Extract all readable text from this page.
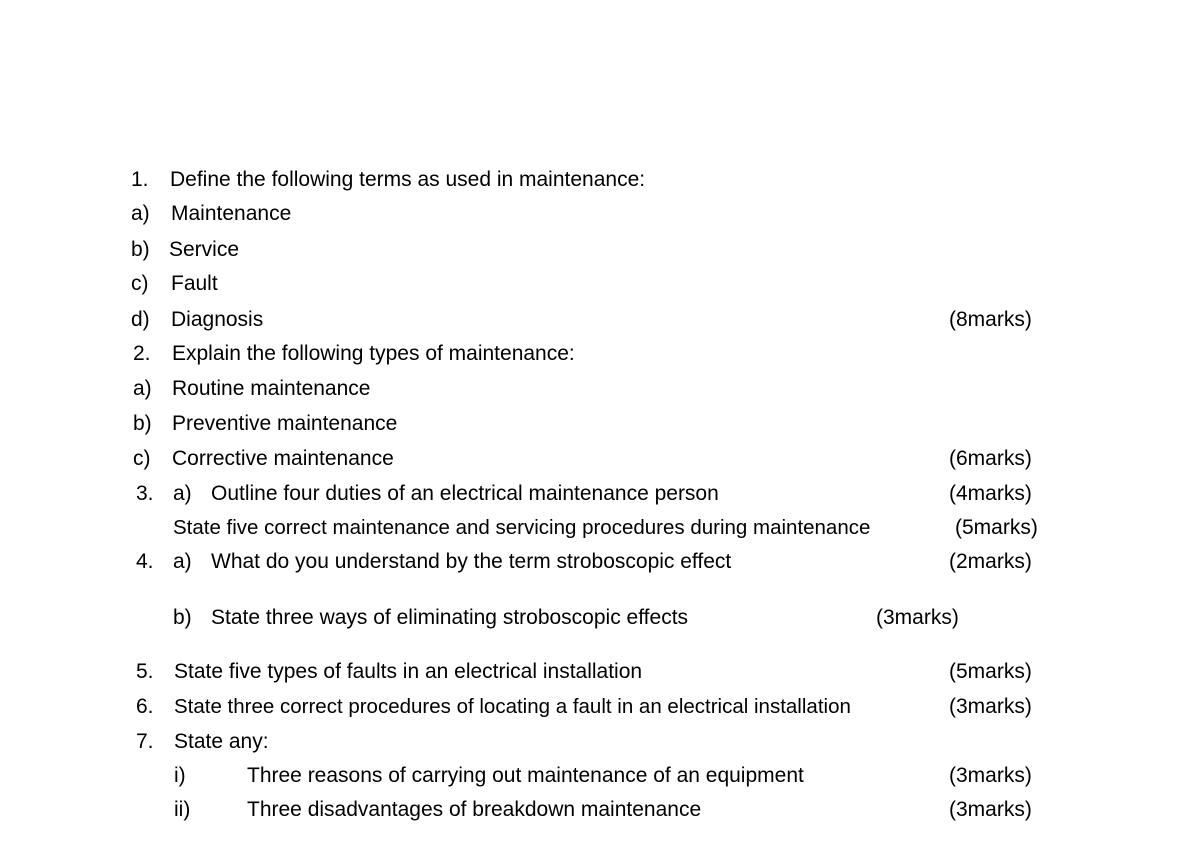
1. Define the following terms as used in maintenance:
a) Maintenance
b) Service
c) Fault
d) Diagnosis	(8marks)
2. Explain the following types of maintenance:
a) Routine maintenance
b) Preventive maintenance
c) Corrective maintenance	(6marks)
3. a) Outline four duties of an electrical maintenance person	(4marks)
State five correct maintenance and servicing procedures during maintenance	(5marks)
4. a) What do you understand by the term stroboscopic effect	(2marks)
b) State three ways of eliminating stroboscopic effects	(3marks)
5. State five types of faults in an electrical installation	(5marks)
6. State three correct procedures of locating a fault in an electrical installation	(3marks)
7. State any:
i)	Three reasons of carrying out maintenance of an equipment	(3marks)
ii)	Three disadvantages of breakdown maintenance	(3marks)
